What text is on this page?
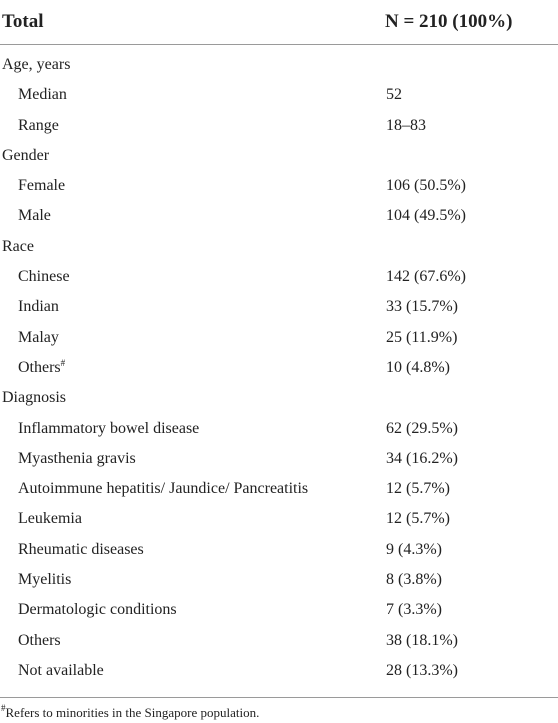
Total	N = 210 (100%)
Age, years
Median	52
Range	18–83
Gender
Female	106 (50.5%)
Male	104 (49.5%)
Race
Chinese	142 (67.6%)
Indian	33 (15.7%)
Malay	25 (11.9%)
Others#	10 (4.8%)
Diagnosis
Inflammatory bowel disease	62 (29.5%)
Myasthenia gravis	34 (16.2%)
Autoimmune hepatitis/ Jaundice/ Pancreatitis	12 (5.7%)
Leukemia	12 (5.7%)
Rheumatic diseases	9 (4.3%)
Myelitis	8 (3.8%)
Dermatologic conditions	7 (3.3%)
Others	38 (18.1%)
Not available	28 (13.3%)
#Refers to minorities in the Singapore population.
